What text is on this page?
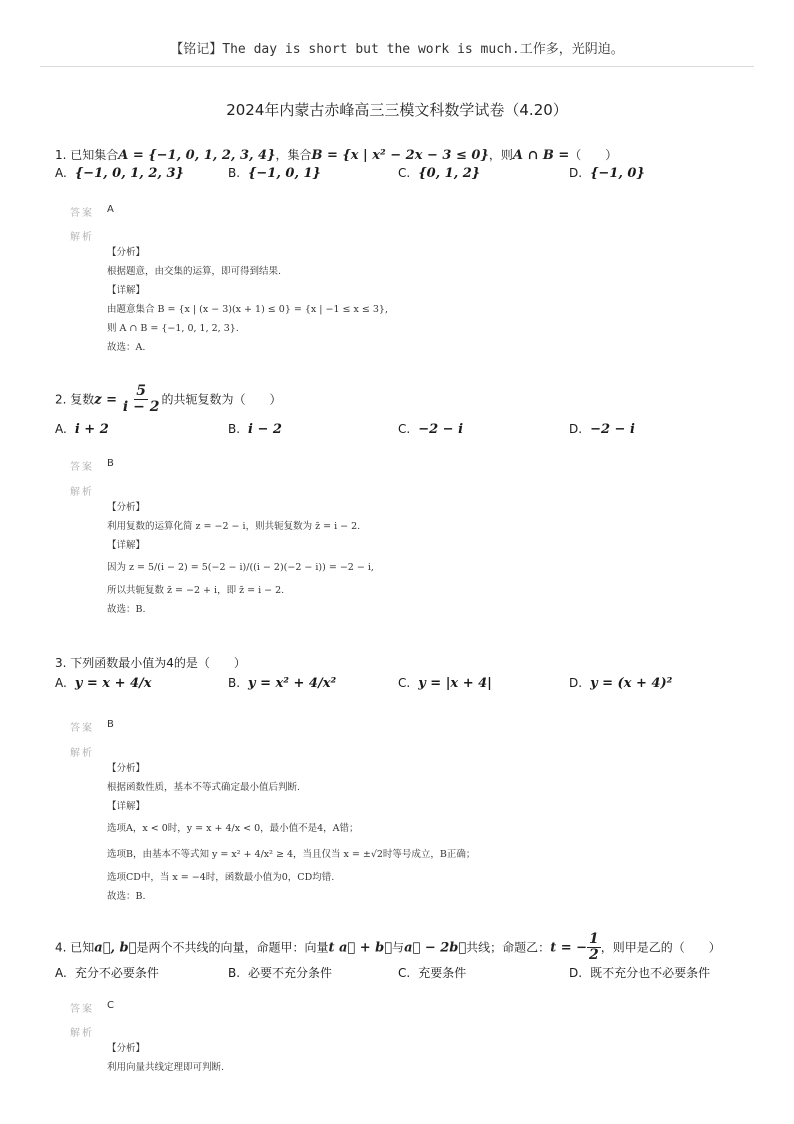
【铭记】The day is short but the work is much.工作多，光阴迫。
2024年内蒙古赤峰高三三模文科数学试卷（4.20）
1. 已知集合A = {−1, 0, 1, 2, 3, 4}，集合B = {x | x² − 2x − 3 ≤ 0}，则A ∩ B =（　　）
A. {−1, 0, 1, 2, 3}	B. {−1, 0, 1}	C. {0, 1, 2}	D. {−1, 0}
答案 A
解析
【分析】
根据题意，由交集的运算，即可得到结果.
【详解】
由题意集合 B = {x | (x − 3)(x + 1) ≤ 0} = {x | −1 ≤ x ≤ 3},
则 A ∩ B = {−1, 0, 1, 2, 3}.
故选：A.
2. 复数$z = \frac{5}{i - 2}$ 的共轭复数为（　　）
A. i + 2	B. i − 2	C. −2 − i	D. −2 − i
答案 B
解析
【分析】
利用复数的运算化简 z = −2 − i，则共轭复数为 z̄ = i − 2.
【详解】
因为 z = 5/(i − 2) = 5(−2 − i)/((i − 2)(−2 − i)) = −2 − i,
所以共轭复数 z̄ = −2 + i，即 z̄ = i − 2.
故选：B.
3. 下列函数最小值为4的是（　　）
A. y = x + 4/x	B. y = x² + 4/x²	C. y = |x + 4|	D. y = (x + 4)²
答案 B
解析
【分析】
根据函数性质，基本不等式确定最小值后判断.
【详解】
选项A，x < 0时，y = x + 4/x < 0，最小值不是4，A错；
选项B，由基本不等式知 y = x² + 4/x² ≥ 4，当且仅当 x = ±√2时等号成立，B正确；
选项CD中，当 x = −4时，函数最小值为0，CD均错.
故选：B.
4. 已知a⃗, b⃗是两个不共线的向量，命题甲：向量t a⃗ + b⃗与a⃗ − 2b⃗共线；命题乙：t = − $\frac{1}{2}$ ，则甲是乙的（　　）
A. 充分不必要条件	B. 必要不充分条件	C. 充要条件	D. 既不充分也不必要条件
答案 C
解析
【分析】
利用向量共线定理即可判断.
